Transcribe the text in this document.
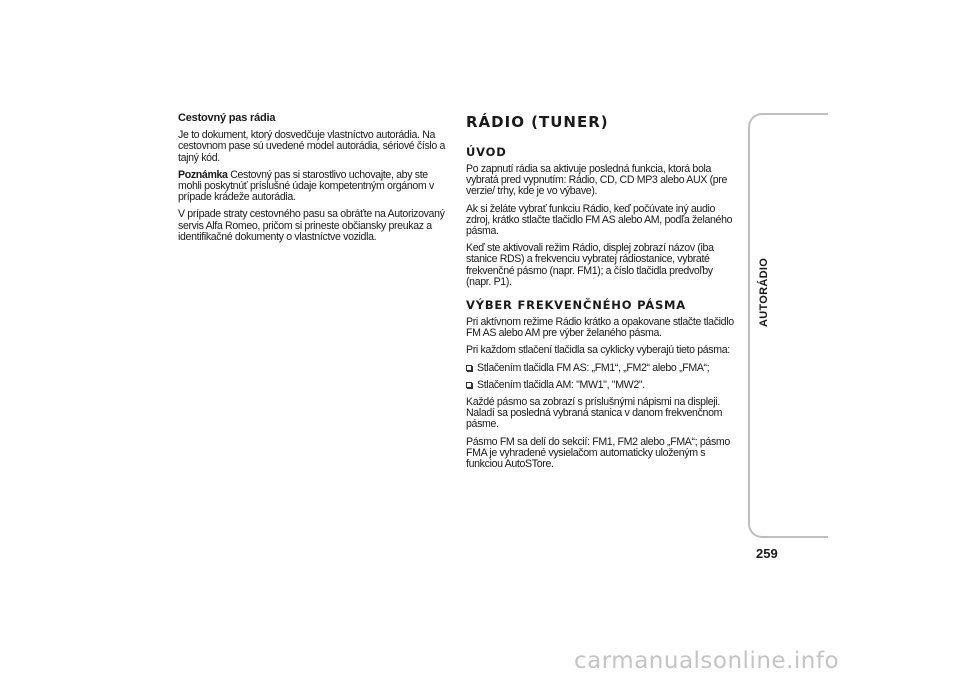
Cestovný pas rádia

Je to dokument, ktorý dosvedčuje vlastníctvo autorádia. Na cestovnom pase sú uvedené model autorádia, sériové číslo a tajný kód.

Poznámka Cestovný pas si starostlivo uchovajte, aby ste mohli poskytnúť príslušné údaje kompetentným orgánom v prípade krádeže autorádia.

V prípade straty cestovného pasu sa obráťte na Autorizovaný servis Alfa Romeo, pričom si prineste občiansky preukaz a identifikačné dokumenty o vlastníctve vozidla.

RÁDIO (TUNER)
ÚVOD

Po zapnutí rádia sa aktivuje posledná funkcia, ktorá bola vybratá pred vypnutím: Rádio, CD, CD MP3 alebo AUX (pre verzie/ trhy, kde je vo výbave).

Ak si želáte vybrať funkciu Rádio, keď počúvate iný audio zdroj, krátko stlačte tlačidlo FM AS alebo AM, podľa želaného pásma.

Keď ste aktivovali režim Rádio, displej zobrazí názov (iba stanice RDS) a frekvenciu vybratej rádiostanice, vybraté frekvenčné pásmo (napr. FM1); a číslo tlačidla predvoľby (napr. P1).

VÝBER FREKVENČNÉHO PÁSMA

Pri aktívnom režime Rádio krátko a opakovane stlačte tlačidlo FM AS alebo AM pre výber želaného pásma.

Pri každom stlačení tlačidla sa cyklicky vyberajú tieto pásma:

Stlačením tlačidla FM AS: „FM1“, „FM2“ alebo „FMA“;

Stlačením tlačidla AM: "MW1", "MW2".

Každé pásmo sa zobrazí s príslušnými nápismi na displeji. Naladí sa posledná vybraná stanica v danom frekvenčnom pásme.

Pásmo FM sa delí do sekcií: FM1, FM2 alebo „FMA“; pásmo FMA je vyhradené vysielačom automaticky uloženým s funkciou AutoSTore.

AUTORÁDIO
259
carmanualsonline.info
